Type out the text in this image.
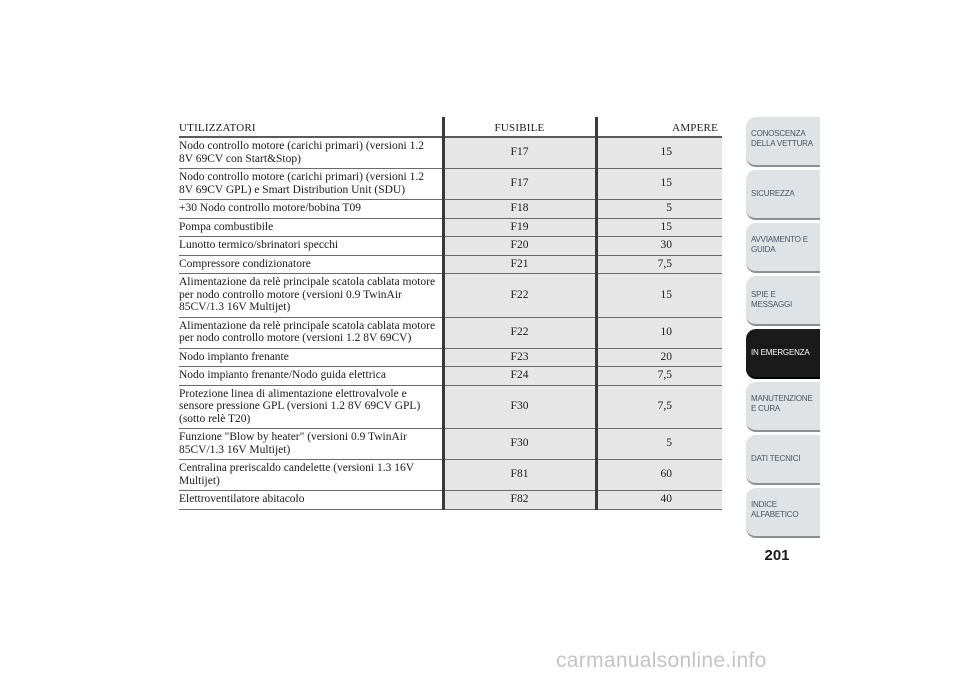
UTILIZZATORI	FUSIBILE	AMPERE
Nodo controllo motore (carichi primari) (versioni 1.2 8V 69CV con Start&Stop)	F17	15
Nodo controllo motore (carichi primari) (versioni 1.2 8V 69CV GPL) e Smart Distribution Unit (SDU)	F17	15
+30 Nodo controllo motore/bobina T09	F18	5
Pompa combustibile	F19	15
Lunotto termico/sbrinatori specchi	F20	30
Compressore condizionatore	F21	7,5
Alimentazione da relè principale scatola cablata motore per nodo controllo motore (versioni 0.9 TwinAir 85CV/1.3 16V Multijet)	F22	15
Alimentazione da relè principale scatola cablata motore per nodo controllo motore (versioni 1.2 8V 69CV)	F22	10
Nodo impianto frenante	F23	20
Nodo impianto frenante/Nodo guida elettrica	F24	7,5
Protezione linea di alimentazione elettrovalvole e sensore pressione GPL (versioni 1.2 8V 69CV GPL) (sotto relè T20)	F30	7,5
Funzione "Blow by heater" (versioni 0.9 TwinAir 85CV/1.3 16V Multijet)	F30	5
Centralina preriscaldo candelette (versioni 1.3 16V Multijet)	F81	60
Elettroventilatore abitacolo	F82	40
CONOSCENZA DELLA VETTURA
SICUREZZA
AVVIAMENTO E GUIDA
SPIE E MESSAGGI
IN EMERGENZA
MANUTENZIONE E CURA
DATI TECNICI
INDICE ALFABETICO
201
carmanualsonline.info
